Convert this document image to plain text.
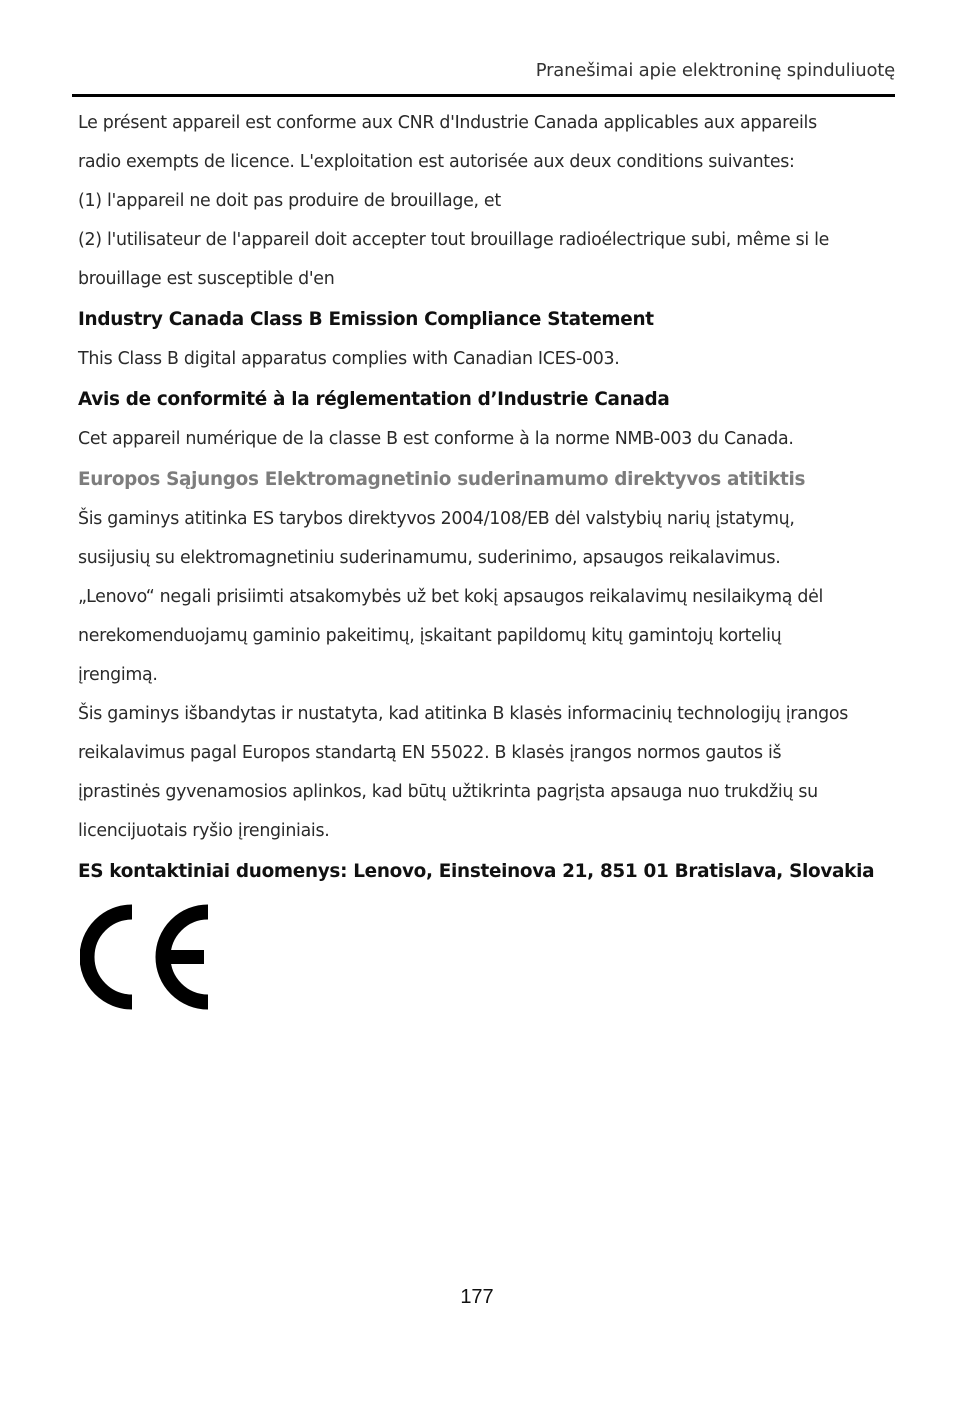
Pranešimai apie elektroninę spinduliuotę

Le présent appareil est conforme aux CNR d'Industrie Canada applicables aux appareils

radio exempts de licence. L'exploitation est autorisée aux deux conditions suivantes:

(1) l'appareil ne doit pas produire de brouillage, et

(2) l'utilisateur de l'appareil doit accepter tout brouillage radioélectrique subi, même si le

brouillage est susceptible d'en

Industry Canada Class B Emission Compliance Statement

This Class B digital apparatus complies with Canadian ICES-003.

Avis de conformité à la réglementation d’Industrie Canada

Cet appareil numérique de la classe B est conforme à la norme NMB-003 du Canada.

Europos Sąjungos Elektromagnetinio suderinamumo direktyvos atitiktis

Šis gaminys atitinka ES tarybos direktyvos 2004/108/EB dėl valstybių narių įstatymų,

susijusių su elektromagnetiniu suderinamumu, suderinimo, apsaugos reikalavimus.

„Lenovo“ negali prisiimti atsakomybės už bet kokį apsaugos reikalavimų nesilaikymą dėl

nerekomenduojamų gaminio pakeitimų, įskaitant papildomų kitų gamintojų kortelių

įrengimą.

Šis gaminys išbandytas ir nustatyta, kad atitinka B klasės informacinių technologijų įrangos

reikalavimus pagal Europos standartą EN 55022. B klasės įrangos normos gautos iš

įprastinės gyvenamosios aplinkos, kad būtų užtikrinta pagrįsta apsauga nuo trukdžių su

licencijuotais ryšio įrenginiais.

ES kontaktiniai duomenys: Lenovo, Einsteinova 21, 851 01 Bratislava, Slovakia

177
